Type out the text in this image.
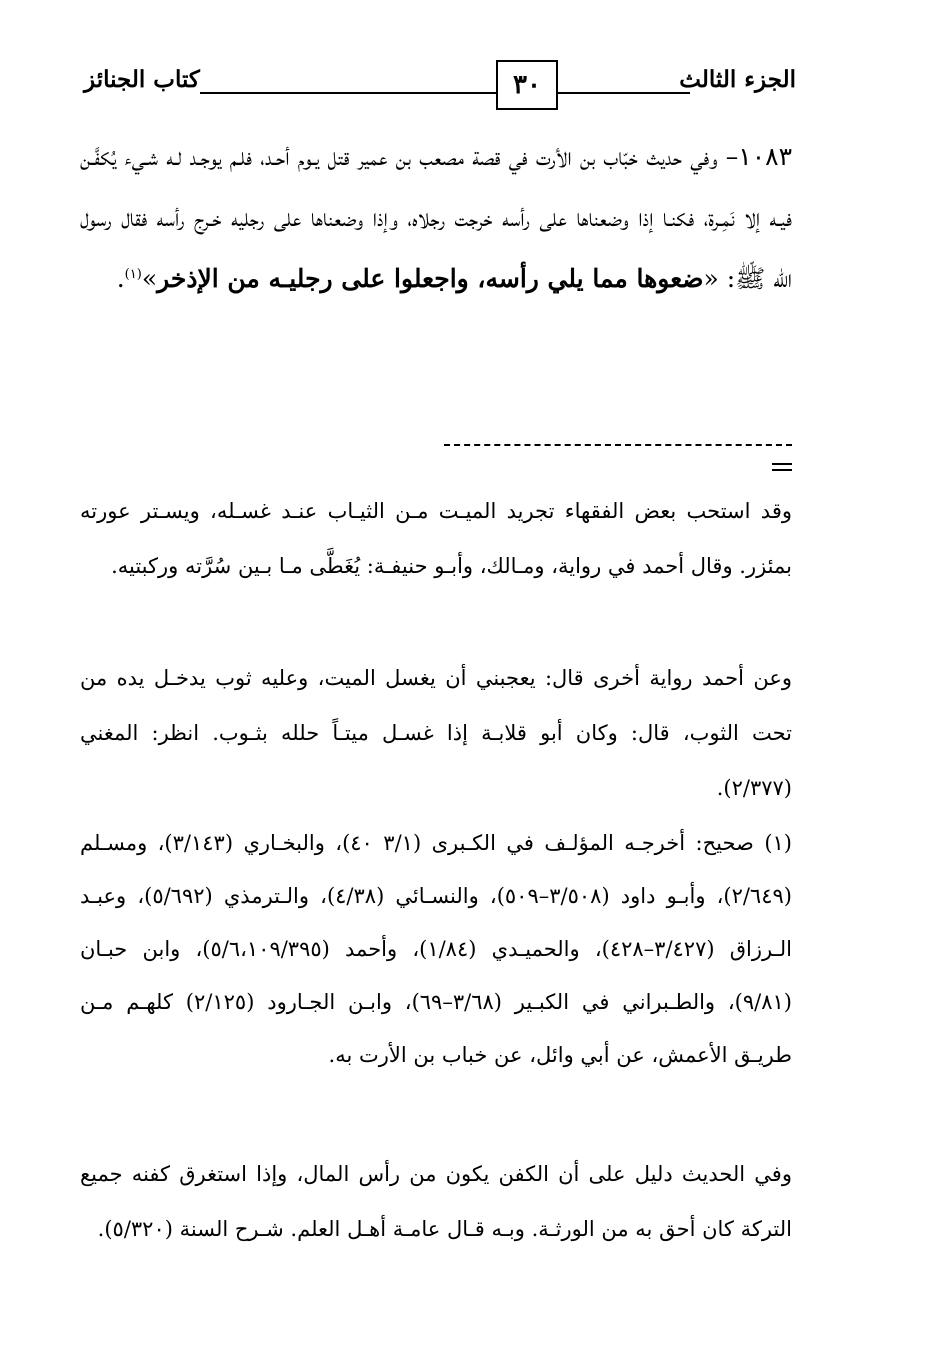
كتاب الجنائز	٣٠	الجزء الثالث
١٠٨٣– وفي حديث خبّاب بن الأرت في قصة مصعب بن عمير قتل يـوم أحـد، فلـم يوجـد لـه شـيء يُكفَّـن فيـه إلا نَمِـرة، فكنـا إذا وضعناها على رأسه خرجت رجلاه، وإذا وضعناها على رجليه خـرج رأسه فقال رسول الله ﷺ: «ضعوها مما يلي رأسه، واجعلوا على رجليـه من الإذخر»$^{(١)}$.
وقد استحب بعض الفقهاء تجريد الميـت مـن الثيـاب عنـد غسـله، ويسـتر عورته بمئزر. وقال أحمد في رواية، ومـالك، وأبـو حنيفـة: يُغَطَّى مـا بـين سُرَّته وركبتيه.
وعن أحمد رواية أخرى قال: يعجبني أن يغسل الميت، وعليه ثوب يدخـل يده من تحت الثوب، قال: وكان أبو قلابـة إذا غسـل ميتـاً حلله بثـوب. انظر: المغني (٢/٣٧٧).
(١) صحيح: أخرجـه المؤلـف في الكـبرى (٣/١ ٤٠)، والبخـاري (٣/١٤٣)، ومسـلم (٢/٦٤٩)، وأبـو داود (٣/٥٠٨–٥٠٩)، والنسـائي (٤/٣٨)، والـترمذي (٥/٦٩٢)، وعبـد الـرزاق (٣/٤٢٧–٤٢٨)، والحميـدي (١/٨٤)، وأحمد (٥/٦،١٠٩/٣٩٥)، وابن حبـان (٩/٨١)، والطـبراني في الكبـير (٣/٦٨–٦٩)، وابـن الجـارود (٢/١٢٥) كلهـم مـن طريـق الأعمش، عن أبي وائل، عن خباب بن الأرت به.
وفي الحديث دليل على أن الكفن يكون من رأس المال، وإذا استغرق كفنه جميع التركة كان أحق به من الورثـة. وبـه قـال عامـة أهـل العلم. شـرح السنة (٥/٣٢٠).
